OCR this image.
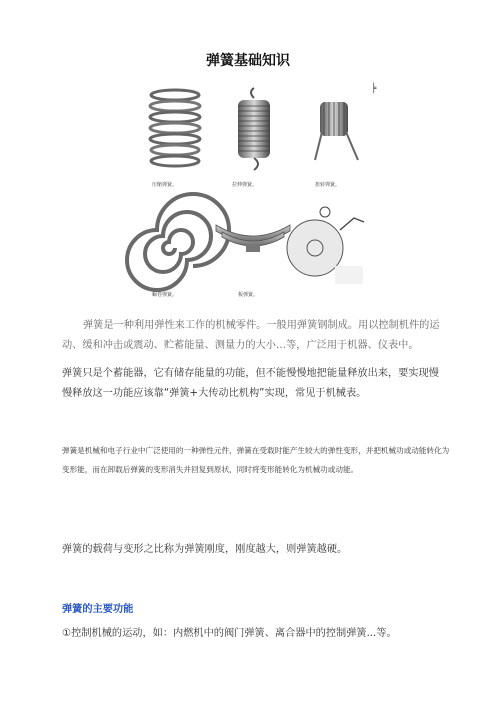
弹簧基础知识
╞
压缩弹簧。	拉伸弹簧。	扭转弹簧。
蜗卷弹簧。	板弹簧。
弹簧是一种利用弹性来工作的机械零件。一般用弹簧钢制成。用以控制机件的运动、缓和冲击或震动、贮蓄能量、测量力的大小…等，广泛用于机器、仪表中。
弹簧只是个蓄能器，它有储存能量的功能，但不能慢慢地把能量释放出来，要实现慢慢释放这一功能应该靠“弹簧+大传动比机构”实现，常见于机械表。
弹簧是机械和电子行业中广泛使用的一种弹性元件，弹簧在受载时能产生较大的弹性变形，并把机械功或动能转化为变形能，而在卸载后弹簧的变形消失并回复到原状，同时将变形能转化为机械功或动能。
弹簧的载荷与变形之比称为弹簧刚度，刚度越大，则弹簧越硬。
弹簧的主要功能
①控制机械的运动，如：内燃机中的阀门弹簧、离合器中的控制弹簧...等。
